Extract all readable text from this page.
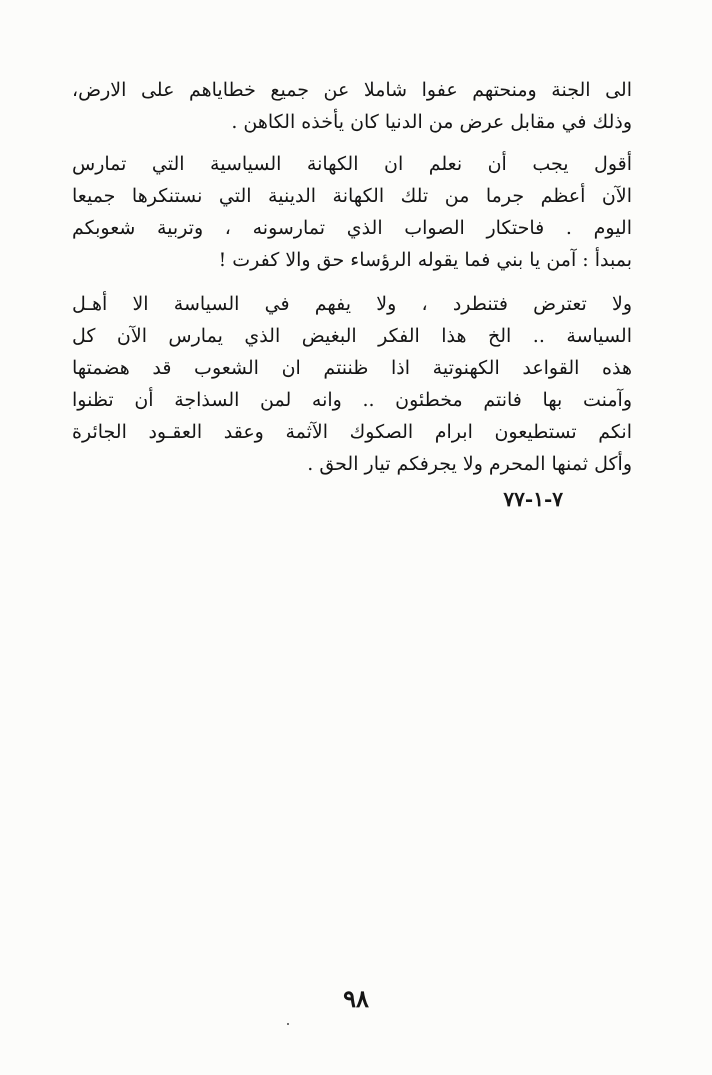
الى الجنة ومنحتهم عفوا شاملا عن جميع خطاياهم على الارض،
وذلك في مقابل عرض من الدنيا كان يأخذه الكاهن .
أقول يجب أن نعلم ان الكهانة السياسية التي تمارس
الآن أعظم جرما من تلك الكهانة الدينية التي نستنكرها جميعا
اليوم . فاحتكار الصواب الذي تمارسونه ، وتربية شعوبكم
بمبدأ : آمن يا بني فما يقوله الرؤساء حق والا كفرت !
ولا تعترض فتنطرد ، ولا يفهم في السياسة الا أهـل
السياسة .. الخ هذا الفكر البغيض الذي يمارس الآن كل
هذه القواعد الكهنوتية اذا ظننتم ان الشعوب قد هضمتها
وآمنت بها فانتم مخطئون .. وانه لمن السذاجة أن تظنوا
انكم تستطيعون ابرام الصكوك الآثمة وعقد العقـود الجائرة
وأكل ثمنها المحرم ولا يجرفكم تيار الحق .
٧-١-٧٧
٩٨
